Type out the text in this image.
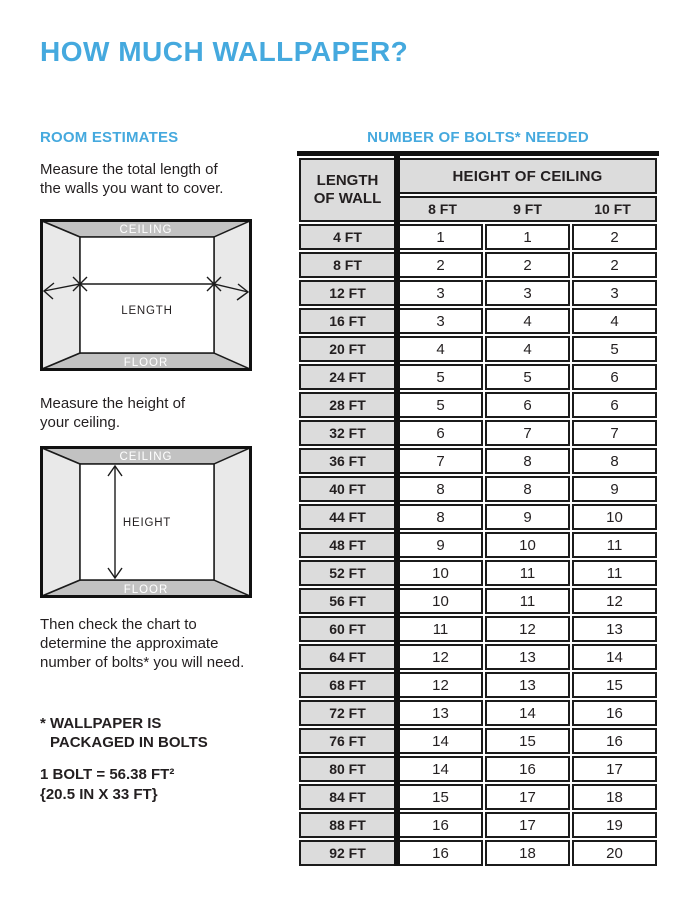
HOW MUCH WALLPAPER?
ROOM ESTIMATES
Measure the total length of
the walls you want to cover.
CEILING
FLOOR
LENGTH
Measure the height of
your ceiling.
CEILING
FLOOR
HEIGHT
Then check the chart to
determine the approximate
number of bolts* you will need.
* WALLPAPER IS
PACKAGED IN BOLTS
1 BOLT = 56.38 FT²
{20.5 IN X 33 FT}
NUMBER OF BOLTS* NEEDED
LENGTH
OF WALL	HEIGHT OF CEILING		

	8 FT 9 FT 10 FT		

4 FT	1	1	2
8 FT	2	2	2
12 FT	3	3	3
16 FT	3	4	4
20 FT	4	4	5
24 FT	5	5	6
28 FT	5	6	6
32 FT	6	7	7
36 FT	7	8	8
40 FT	8	8	9
44 FT	8	9	10
48 FT	9	10	11
52 FT	10	11	11
56 FT	10	11	12
60 FT	11	12	13
64 FT	12	13	14
68 FT	12	13	15
72 FT	13	14	16
76 FT	14	15	16
80 FT	14	16	17
84 FT	15	17	18
88 FT	16	17	19
92 FT	16	18	20
